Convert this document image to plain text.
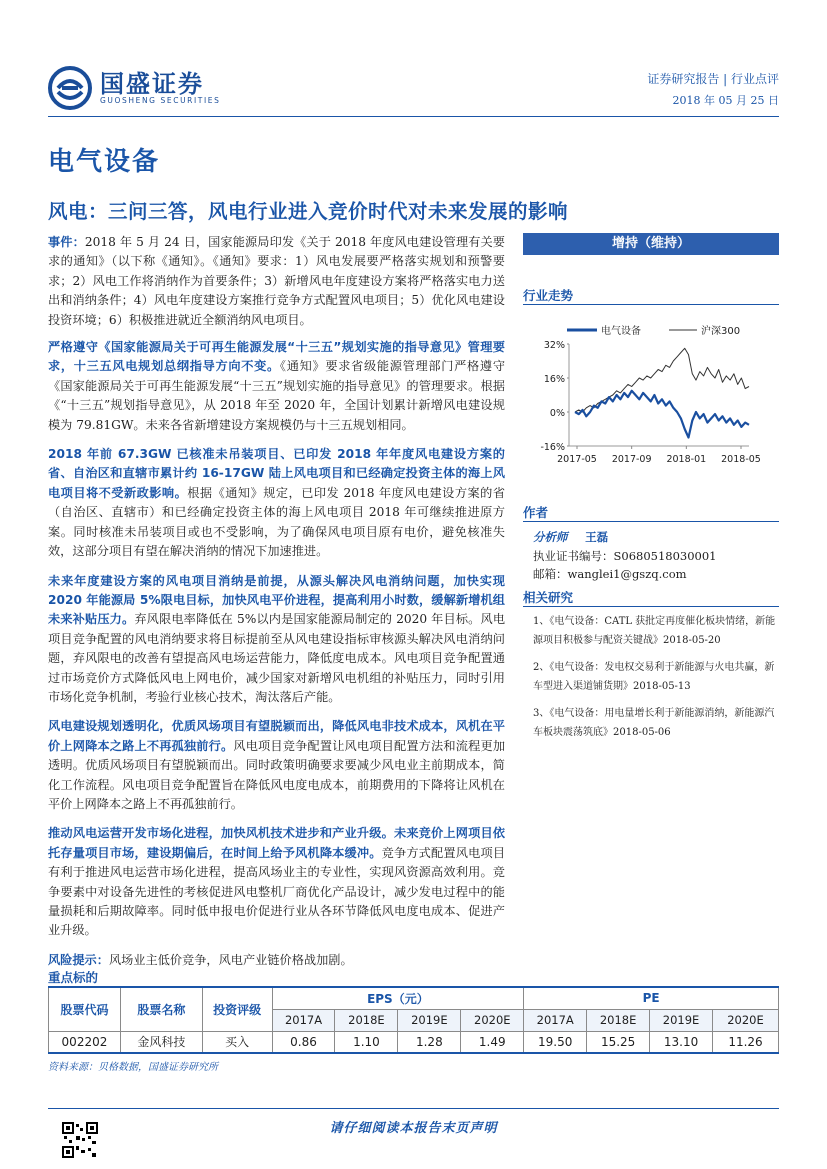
国盛证券
GUOSHENG SECURITIES
证券研究报告 | 行业点评
2018 年 05 月 25 日
电气设备
风电：三问三答，风电行业进入竞价时代对未来发展的影响

事件：2018 年 5 月 24 日，国家能源局印发《关于 2018 年度风电建设管理有关要求的通知》（以下称《通知》。《通知》要求：1）风电发展要严格落实规划和预警要求；2）风电工作将消纳作为首要条件；3）新增风电年度建设方案将严格落实电力送出和消纳条件；4）风电年度建设方案推行竞争方式配置风电项目；5）优化风电建设投资环境；6）积极推进就近全额消纳风电项目。

严格遵守《国家能源局关于可再生能源发展“十三五”规划实施的指导意见》管理要求，十三五风电规划总纲指导方向不变。《通知》要求省级能源管理部门严格遵守《国家能源局关于可再生能源发展“十三五”规划实施的指导意见》的管理要求。根据《“十三五”规划指导意见》，从 2018 年至 2020 年，全国计划累计新增风电建设规模为 79.81GW。未来各省新增建设方案规模仍与十三五规划相同。

2018 年前 67.3GW 已核准未吊装项目、已印发 2018 年年度风电建设方案的省、自治区和直辖市累计约 16-17GW 陆上风电项目和已经确定投资主体的海上风电项目将不受新政影响。根据《通知》规定，已印发 2018 年度风电建设方案的省（自治区、直辖市）和已经确定投资主体的海上风电项目 2018 年可继续推进原方案。同时核准未吊装项目或也不受影响，为了确保风电项目原有电价，避免核准失效，这部分项目有望在解决消纳的情况下加速推进。

未来年度建设方案的风电项目消纳是前提，从源头解决风电消纳问题，加快实现 2020 年能源局 5%限电目标，加快风电平价进程，提高利用小时数，缓解新增机组未来补贴压力。弃风限电率降低在 5%以内是国家能源局制定的 2020 年目标。风电项目竞争配置的风电消纳要求将目标提前至从风电建设指标审核源头解决风电消纳问题，弃风限电的改善有望提高风电场运营能力，降低度电成本。风电项目竞争配置通过市场竞价方式降低风电上网电价，减少国家对新增风电机组的补贴压力，同时引用市场化竞争机制，考验行业核心技术，淘汰落后产能。

风电建设规划透明化，优质风场项目有望脱颖而出，降低风电非技术成本，风机在平价上网降本之路上不再孤独前行。风电项目竞争配置让风电项目配置方法和流程更加透明。优质风场项目有望脱颖而出。同时政策明确要求要减少风电业主前期成本，简化工作流程。风电项目竞争配置旨在降低风电度电成本，前期费用的下降将让风机在平价上网降本之路上不再孤独前行。

推动风电运营开发市场化进程，加快风机技术进步和产业升级。未来竞价上网项目依托存量项目市场，建设期偏后，在时间上给予风机降本缓冲。竞争方式配置风电项目有利于推进风电运营市场化进程，提高风场业主的专业性，实现风资源高效利用。竞争要素中对设备先进性的考核促进风电整机厂商优化产品设计，减少发电过程中的能量损耗和后期故障率。同时低申报电价促进行业从各环节降低风电度电成本、促进产业升级。

风险提示：风场业主低价竞争，风电产业链价格战加剧。

增持（维持）
行业走势
电气设备	沪深300
32%
16%
0%
-16%
2017-05 2017-09 2018-01 2018-05
作者
分析师 王磊
执业证书编号：S0680518030001
邮箱：wanglei1@gszq.com
相关研究
1、《电气设备：CATL 获批定再度催化板块情绪，新能源项目积极参与配资关键战》2018-05-20
2、《电气设备：发电权交易利于新能源与火电共赢，新车型进入渠道铺货期》2018-05-13
3、《电气设备：用电量增长利于新能源消纳，新能源汽车板块震荡筑底》2018-05-06
重点标的
股票代码	股票名称	投资评级	EPS（元）				PE			
			2017A	2018E	2019E	2020E	2017A	2018E	2019E	2020E
002202	金风科技	买入	0.86	1.10	1.28	1.49	19.50	15.25	13.10	11.26
资料来源：贝格数据，国盛证券研究所
请仔细阅读本报告末页声明
